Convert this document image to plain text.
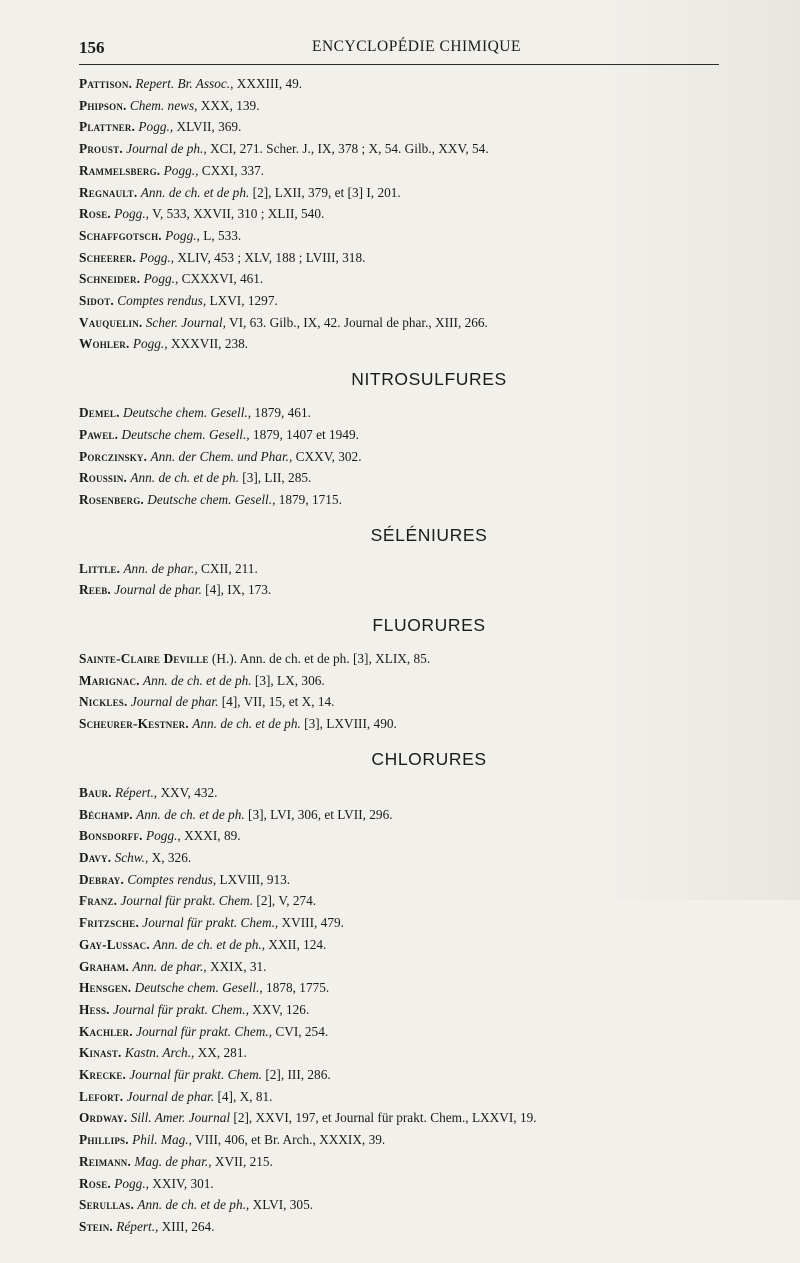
156	ENCYCLOPÉDIE CHIMIQUE
Pattison. Repert. Br. Assoc., XXXIII, 49.
Phipson. Chem. news, XXX, 139.
Plattner. Pogg., XLVII, 369.
Proust. Journal de ph., XCI, 271. Scher. J., IX, 378 ; X, 54. Gilb., XXV, 54.
Rammelsberg. Pogg., CXXI, 337.
Regnault. Ann. de ch. et de ph. [2], LXII, 379, et [3] I, 201.
Rose. Pogg., V, 533, XXVII, 310 ; XLII, 540.
Schaffgotsch. Pogg., L, 533.
Scheerer. Pogg., XLIV, 453 ; XLV, 188 ; LVIII, 318.
Schneider. Pogg., CXXXVI, 461.
Sidot. Comptes rendus, LXVI, 1297.
Vauquelin. Scher. Journal, VI, 63. Gilb., IX, 42. Journal de phar., XIII, 266.
Wohler. Pogg., XXXVII, 238.
NITROSULFURES
Demel. Deutsche chem. Gesell., 1879, 461.
Pawel. Deutsche chem. Gesell., 1879, 1407 et 1949.
Porczinsky. Ann. der Chem. und Phar., CXXV, 302.
Roussin. Ann. de ch. et de ph. [3], LII, 285.
Rosenberg. Deutsche chem. Gesell., 1879, 1715.
SÉLÉNIURES
Little. Ann. de phar., CXII, 211.
Reeb. Journal de phar. [4], IX, 173.
FLUORURES
Sainte-Claire Deville (H.). Ann. de ch. et de ph. [3], XLIX, 85.
Marignac. Ann. de ch. et de ph. [3], LX, 306.
Nickles. Journal de phar. [4], VII, 15, et X, 14.
Scheurer-Kestner. Ann. de ch. et de ph. [3], LXVIII, 490.
CHLORURES
Baur. Répert., XXV, 432.
Béchamp. Ann. de ch. et de ph. [3], LVI, 306, et LVII, 296.
Bonsdorff. Pogg., XXXI, 89.
Davy. Schw., X, 326.
Debray. Comptes rendus, LXVIII, 913.
Franz. Journal für prakt. Chem. [2], V, 274.
Fritzsche. Journal für prakt. Chem., XVIII, 479.
Gay-Lussac. Ann. de ch. et de ph., XXII, 124.
Graham. Ann. de phar., XXIX, 31.
Hensgen. Deutsche chem. Gesell., 1878, 1775.
Hess. Journal für prakt. Chem., XXV, 126.
Kachler. Journal für prakt. Chem., CVI, 254.
Kinast. Kastn. Arch., XX, 281.
Krecke. Journal für prakt. Chem. [2], III, 286.
Lefort. Journal de phar. [4], X, 81.
Ordway. Sill. Amer. Journal [2], XXVI, 197, et Journal für prakt. Chem., LXXVI, 19.
Phillips. Phil. Mag., VIII, 406, et Br. Arch., XXXIX, 39.
Reimann. Mag. de phar., XVII, 215.
Rose. Pogg., XXIV, 301.
Serullas. Ann. de ch. et de ph., XLVI, 305.
Stein. Répert., XIII, 264.
